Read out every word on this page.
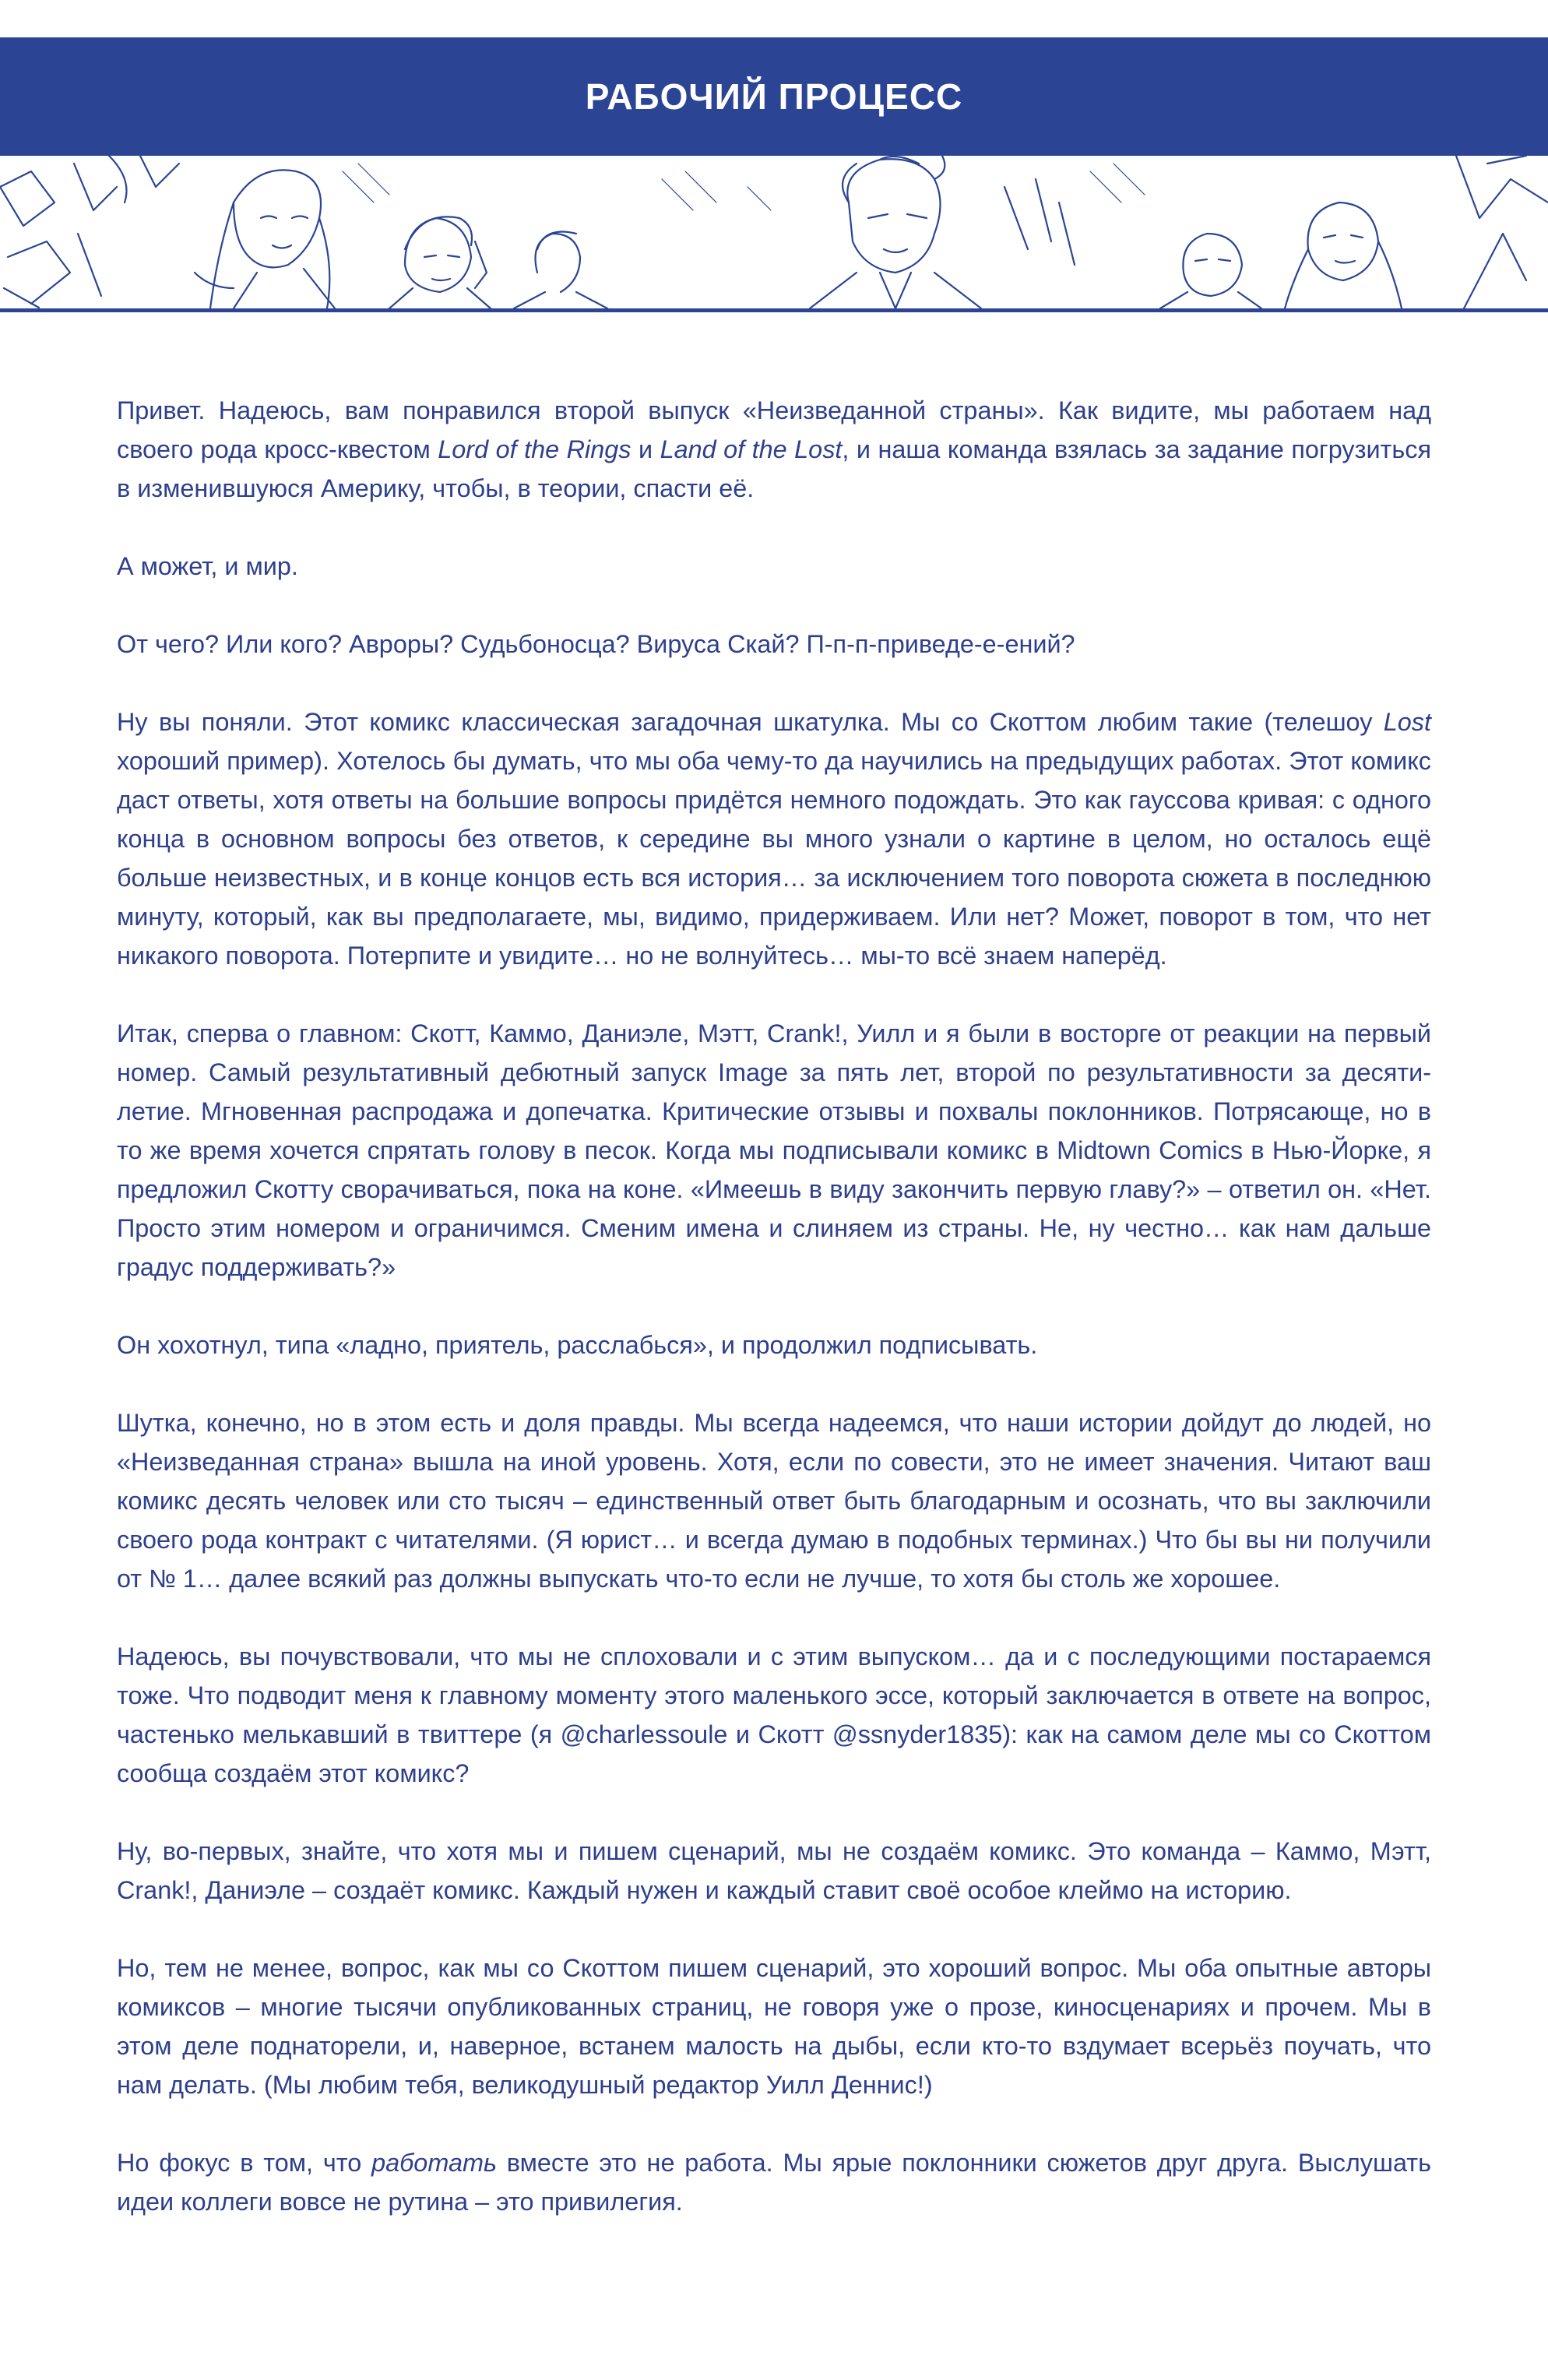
РАБОЧИЙ ПРОЦЕСС

Привет. Надеюсь, вам понравился второй выпуск «Неизведанной страны». Как видите, мы работаем над своего рода кросс-квестом Lord of the Rings и Land of the Lost, и наша команда взялась за задание погрузиться в изменившуюся Америку, чтобы, в теории, спасти её.

А может, и мир.

От чего? Или кого? Авроры? Судьбоносца? Вируса Скай? П-п-п-приведе-е-ений?

Ну вы поняли. Этот комикс классическая загадочная шкатулка. Мы со Скоттом любим такие (телешоу Lost хороший пример). Хотелось бы думать, что мы оба чему-то да научились на предыдущих работах. Этот комикс даст ответы, хотя ответы на большие вопросы придётся немного подождать. Это как гауссова кривая: с одного конца в основном вопросы без ответов, к середине вы много узнали о картине в целом, но осталось ещё больше неизвестных, и в конце концов есть вся история… за исключением того поворота сюжета в последнюю минуту, который, как вы предполагаете, мы, видимо, придерживаем. Или нет? Может, поворот в том, что нет никакого поворота. Потерпите и увидите… но не волнуйтесь… мы-то всё знаем наперёд.

Итак, сперва о главном: Скотт, Каммо, Даниэле, Мэтт, Crank!, Уилл и я были в восторге от реакции на первый номер. Самый результативный дебютный запуск Image за пять лет, второй по результативности за десяти-летие. Мгновенная распродажа и допечатка. Критические отзывы и похвалы поклонников. Потрясающе, но в то же время хочется спрятать голову в песок. Когда мы подписывали комикс в Midtown Comics в Нью-Йорке, я предложил Скотту сворачиваться, пока на коне. «Имеешь в виду закончить первую главу?» – ответил он. «Нет. Просто этим номером и ограничимся. Сменим имена и слиняем из страны. Не, ну честно… как нам дальше градус поддерживать?»

Он хохотнул, типа «ладно, приятель, расслабься», и продолжил подписывать.

Шутка, конечно, но в этом есть и доля правды. Мы всегда надеемся, что наши истории дойдут до людей, но «Неизведанная страна» вышла на иной уровень. Хотя, если по совести, это не имеет значения. Читают ваш комикс десять человек или сто тысяч – единственный ответ быть благодарным и осознать, что вы заключили своего рода контракт с читателями. (Я юрист… и всегда думаю в подобных терминах.) Что бы вы ни получили от № 1… далее всякий раз должны выпускать что-то если не лучше, то хотя бы столь же хорошее.

Надеюсь, вы почувствовали, что мы не сплоховали и с этим выпуском… да и с последующими постараемся тоже. Что подводит меня к главному моменту этого маленького эссе, который заключается в ответе на вопрос, частенько мелькавший в твиттере (я @charlessoule и Скотт @ssnyder1835): как на самом деле мы со Скоттом сообща создаём этот комикс?

Ну, во-первых, знайте, что хотя мы и пишем сценарий, мы не создаём комикс. Это команда – Каммо, Мэтт, Crank!, Даниэле – создаёт комикс. Каждый нужен и каждый ставит своё особое клеймо на историю.

Но, тем не менее, вопрос, как мы со Скоттом пишем сценарий, это хороший вопрос. Мы оба опытные авторы комиксов – многие тысячи опубликованных страниц, не говоря уже о прозе, киносценариях и прочем. Мы в этом деле поднаторели, и, наверное, встанем малость на дыбы, если кто-то вздумает всерьёз поучать, что нам делать. (Мы любим тебя, великодушный редактор Уилл Деннис!)

Но фокус в том, что работать вместе это не работа. Мы ярые поклонники сюжетов друг друга. Выслушать идеи коллеги вовсе не рутина – это привилегия.
